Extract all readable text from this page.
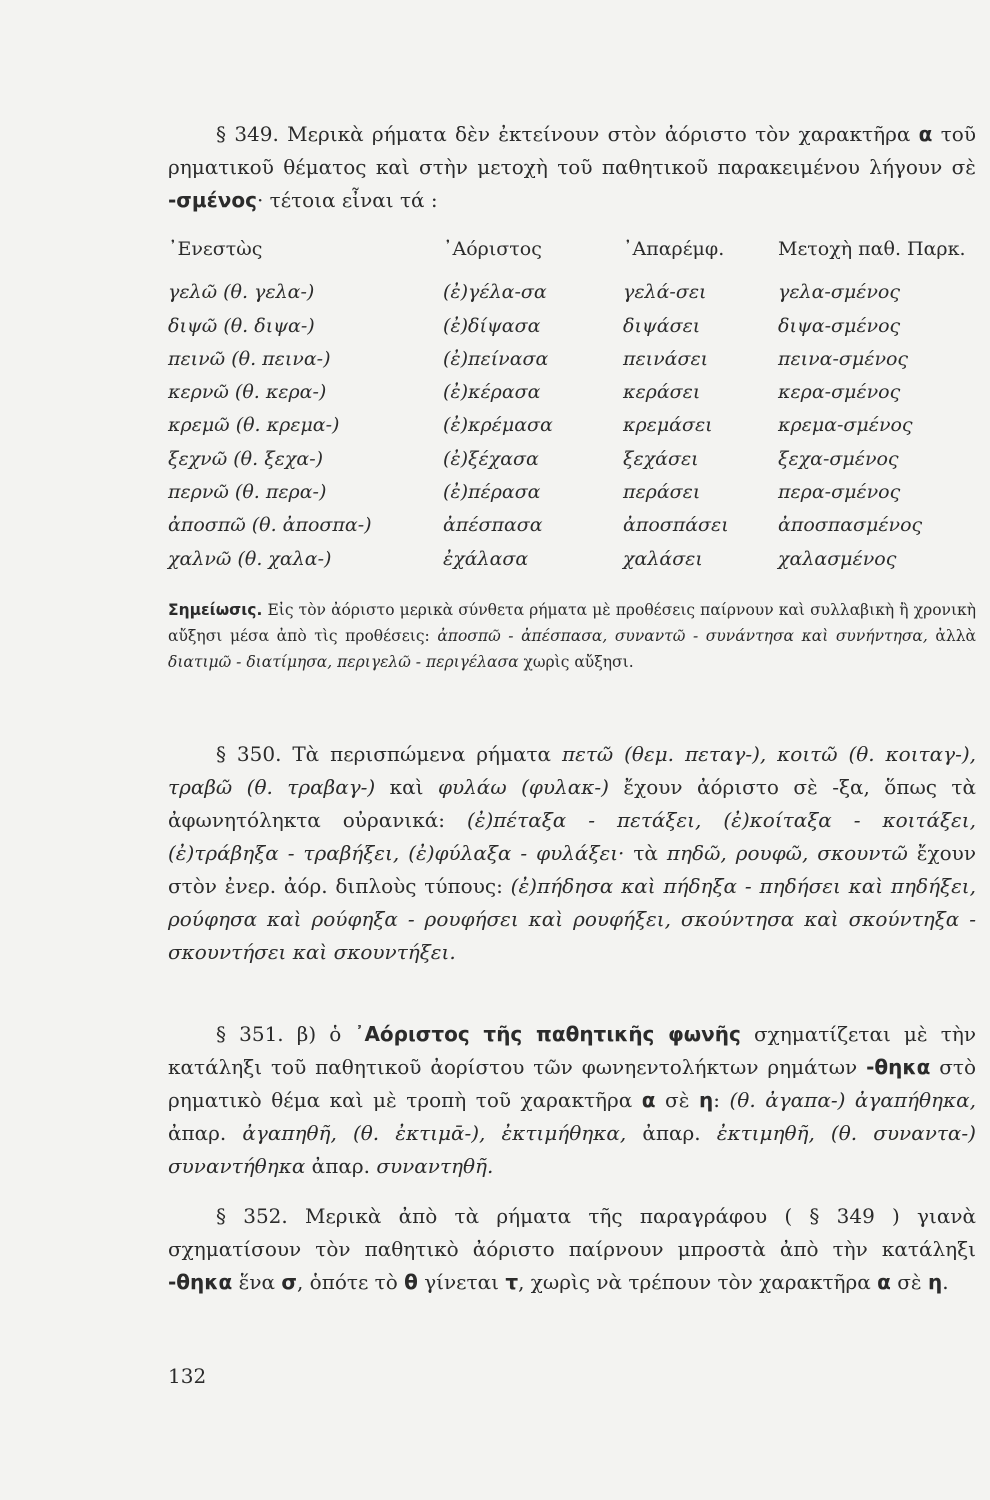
§ 349. Μερικὰ ρήματα δὲν ἐκτείνουν στὸν ἀόριστο τὸν χαρακτῆρα α τοῦ ρηματικοῦ θέματος καὶ στὴν μετοχὴ τοῦ παθητικοῦ παρακειμένου λήγουν σὲ -σμένος· τέτοια εἶναι τά :
᾿Ενεστὼς	᾿Αόριστος	᾿Απαρέμφ.	Μετοχὴ παθ. Παρκ.
γελῶ (θ. γελα-)	(ἐ)γέλα-σα	γελά-σει	γελα-σμένος
διψῶ (θ. διψα-)	(ἐ)δίψασα	διψάσει	διψα-σμένος
πεινῶ (θ. πεινα-)	(ἐ)πείνασα	πεινάσει	πεινα-σμένος
κερνῶ (θ. κερα-)	(ἐ)κέρασα	κεράσει	κερα-σμένος
κρεμῶ (θ. κρεμα-)	(ἐ)κρέμασα	κρεμάσει	κρεμα-σμένος
ξεχνῶ (θ. ξεχα-)	(ἐ)ξέχασα	ξεχάσει	ξεχα-σμένος
περνῶ (θ. περα-)	(ἐ)πέρασα	περάσει	περα-σμένος
ἀποσπῶ (θ. ἀποσπα-)	ἀπέσπασα	ἀποσπάσει	ἀποσπασμένος
χαλνῶ (θ. χαλα-)	ἐχάλασα	χαλάσει	χαλασμένος
Σημείωσις. Εἰς τὸν ἀόριστο μερικὰ σύνθετα ρήματα μὲ προθέσεις παίρνουν καὶ συλλαβικὴ ἢ χρονικὴ αὔξησι μέσα ἀπὸ τὶς προθέσεις: ἀποσπῶ - ἀπέσπασα, συναντῶ - συνάντησα καὶ συνήντησα, ἀλλὰ διατιμῶ - διατίμησα, περιγελῶ - περιγέλασα χωρὶς αὔξησι.
§ 350. Τὰ περισπώμενα ρήματα πετῶ (θεμ. πεταγ-), κοιτῶ (θ. κοιταγ-), τραβῶ (θ. τραβαγ-) καὶ φυλάω (φυλακ-) ἔχουν ἀόριστο σὲ -ξα, ὅπως τὰ ἀφωνητόληκτα οὐρανικά: (ἐ)πέταξα - πετάξει, (ἐ)κοίταξα - κοιτάξει, (ἐ)τράβηξα - τραβήξει, (ἐ)φύλαξα - φυλάξει· τὰ πηδῶ, ρουφῶ, σκουντῶ ἔχουν στὸν ἐνερ. ἀόρ. διπλοὺς τύπους: (ἐ)πήδησα καὶ πήδηξα - πηδήσει καὶ πηδήξει, ρούφησα καὶ ρούφηξα - ρουφήσει καὶ ρουφήξει, σκούντησα καὶ σκούντηξα - σκουντήσει καὶ σκουντήξει.
§ 351. β) ὁ ᾿Αόριστος τῆς παθητικῆς φωνῆς σχηματίζεται μὲ τὴν κατάληξι τοῦ παθητικοῦ ἀορίστου τῶν φωνηεντολήκτων ρημάτων -θηκα στὸ ρηματικὸ θέμα καὶ μὲ τροπὴ τοῦ χαρακτῆρα α σὲ η: (θ. ἀγαπα-) ἀγαπήθηκα, ἀπαρ. ἀγαπηθῆ, (θ. ἐκτιμᾱ-), ἐκτιμήθηκα, ἀπαρ. ἐκτιμηθῆ, (θ. συναντα-) συναντήθηκα ἀπαρ. συναντηθῆ.
§ 352. Μερικὰ ἀπὸ τὰ ρήματα τῆς παραγράφου ( § 349 ) γιανὰ σχηματίσουν τὸν παθητικὸ ἀόριστο παίρνουν μπροστὰ ἀπὸ τὴν κατάληξι -θηκα ἕνα σ, ὁπότε τὸ θ γίνεται τ, χωρὶς νὰ τρέπουν τὸν χαρακτῆρα α σὲ η.
132
